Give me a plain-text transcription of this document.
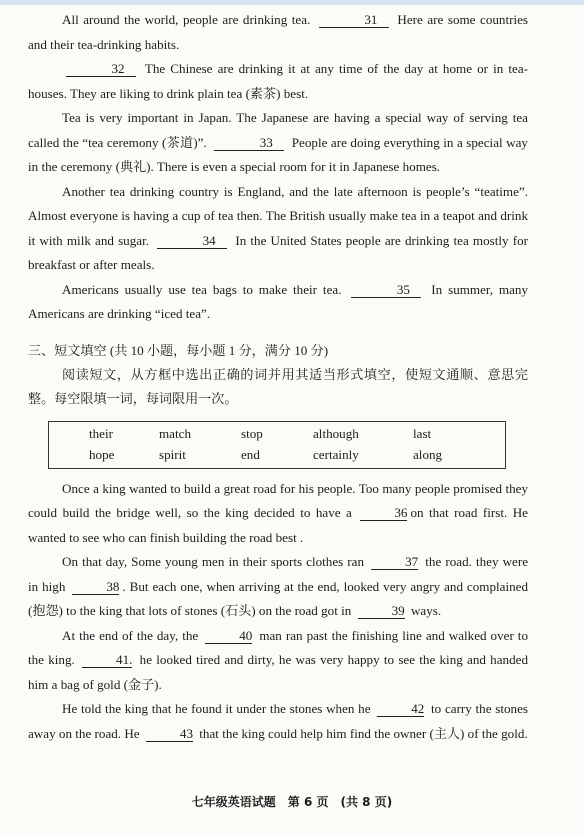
All around the world, people are drinking tea.	31 Here are some countries and their tea-drinking habits.

32 The Chinese are drinking it at any time of the day at home or in tea-houses. They are liking to drink plain tea (素茶) best.

Tea is very important in Japan. The Japanese are having a special way of serving tea called the “tea ceremony (茶道)”.	33 People are doing everything in a special way in the ceremony (典礼). There is even a special room for it in Japanese homes.

Another tea drinking country is England, and the late afternoon is people’s “teatime”. Almost everyone is having a cup of tea then. The British usually make tea in a teapot and drink it with milk and sugar.	34 In the United States people are drinking tea mostly for breakfast or after meals.

Americans usually use tea bags to make their tea.	35 In summer, many Americans are drinking “iced tea”.

三、短文填空 (共 10 小题，每小题 1 分，满分 10 分)

阅读短文，从方框中选出正确的词并用其适当形式填空，使短文通顺、意思完整。每空限填一词，每词限用一次。

their	match	stop	although	last
hope	spirit	end	certainly	along

Once a king wanted to build a great road for his people. Too many people promised they could build the bridge well, so the king decided to have a	36 on that road first. He wanted to see who can finish building the road best .

On that day, Some young men in their sports clothes ran	37 the road. they were in high	38 . But each one, when arriving at the end, looked very angry and complained (抱怨) to the king that lots of stones (石头) on the road got in	39 ways.

At the end of the day, the	40 man ran past the finishing line and walked over to the king.	41. he looked tired and dirty, he was very happy to see the king and handed him a bag of gold (金子).

He told the king that he found it under the stones when he	42 to carry the stones away on the road. He	43 that the king could help him find the owner (主人) of the gold.

七年级英语试题　第 6 页　(共 8 页)
